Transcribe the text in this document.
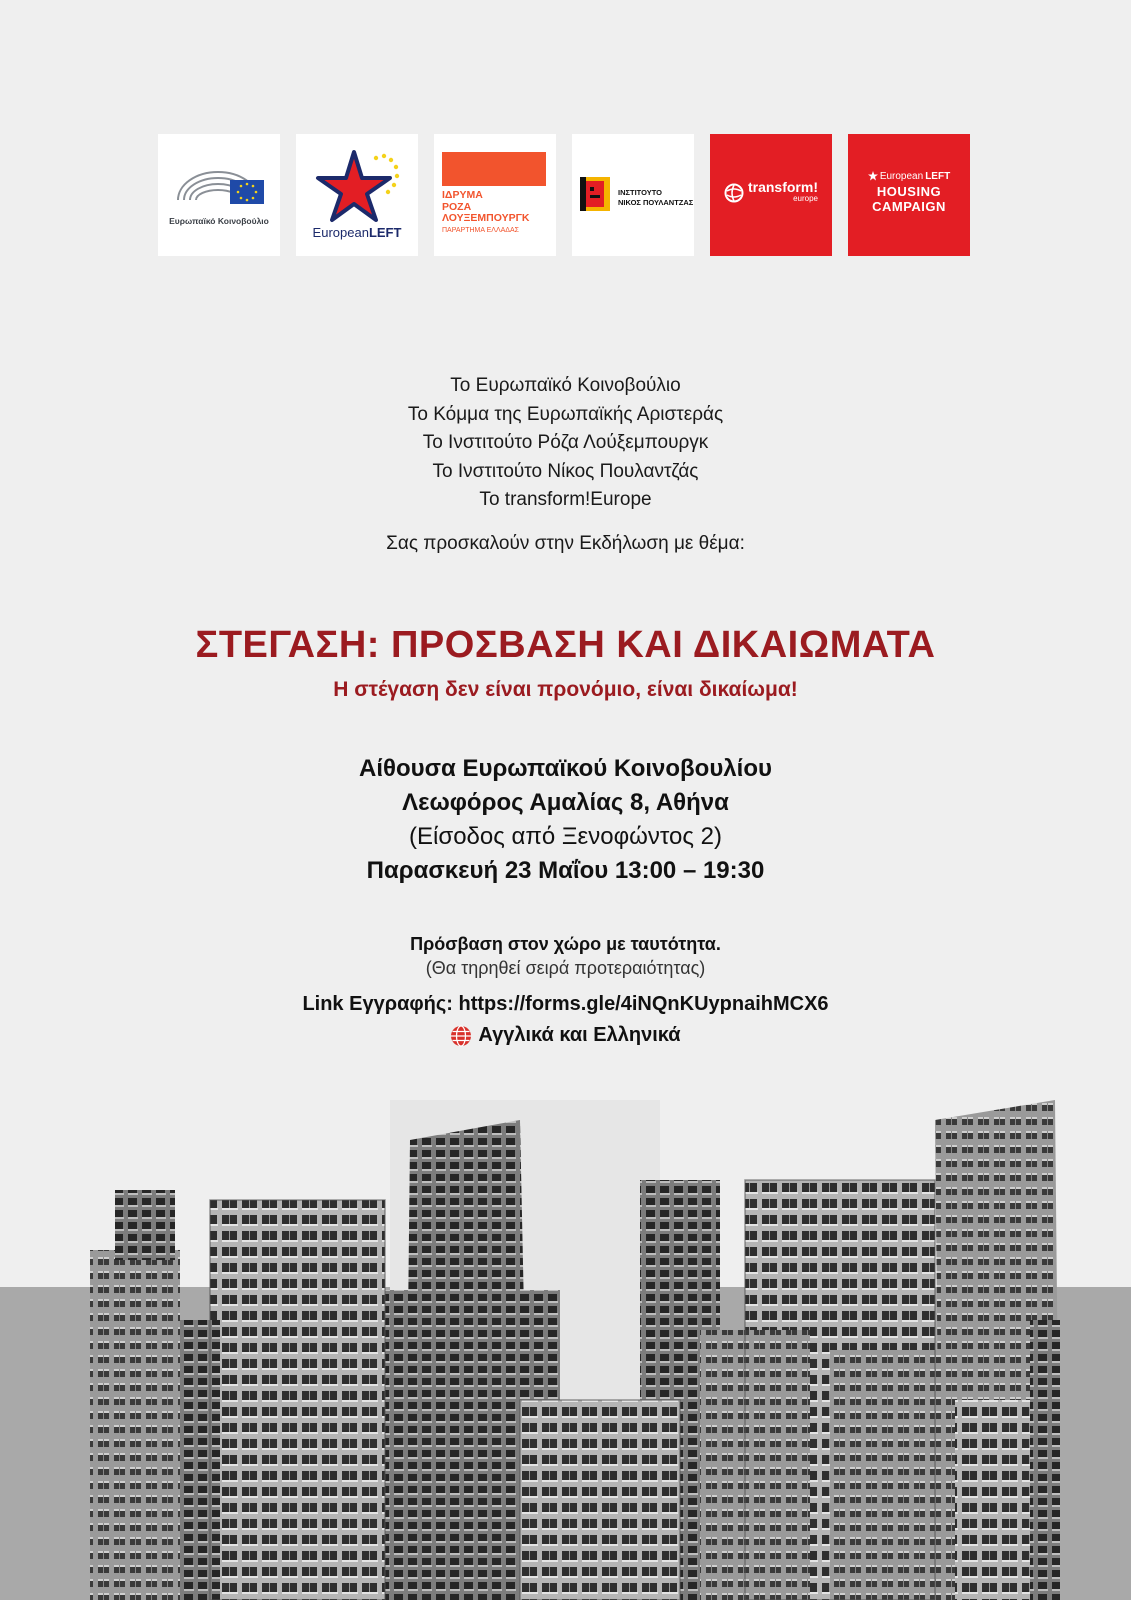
Ευρωπαϊκό Κοινοβούλιο
EuropeanLEFT
ΙΔΡΥΜΑ
ΡΟΖΑ
ΛΟΥΞΕΜΠΟΥΡΓΚ
ΠΑΡΑΡΤΗΜΑ ΕΛΛΑΔΑΣ
ΙΝΣΤΙΤΟΥΤΟ
ΝΙΚΟΣ ΠΟΥΛΑΝΤΖΑΣ
transform!
europe
European LEFT
HOUSING
CAMPAIGN
Το Ευρωπαϊκό Κοινοβούλιο
Το Κόμμα της Ευρωπαϊκής Αριστεράς
Το Ινστιτούτο Ρόζα Λούξεμπουργκ
Το Ινστιτούτο Νίκος Πουλαντζάς
Το transform!Europe
Σας προσκαλούν στην Εκδήλωση με θέμα:
ΣΤΕΓΑΣΗ: ΠΡΟΣΒΑΣΗ ΚΑΙ ΔΙΚΑΙΩΜΑΤΑ
Η στέγαση δεν είναι προνόμιο, είναι δικαίωμα!
Αίθουσα Ευρωπαϊκού Κοινοβουλίου
Λεωφόρος Αμαλίας 8, Αθήνα
(Είσοδος από Ξενοφώντος 2)
Παρασκευή 23 Μαΐου 13:00 – 19:30
Πρόσβαση στον χώρο με ταυτότητα.
(Θα τηρηθεί σειρά προτεραιότητας)
Link Εγγραφής: https://forms.gle/4iNQnKUypnaihMCX6
Αγγλικά και Ελληνικά
